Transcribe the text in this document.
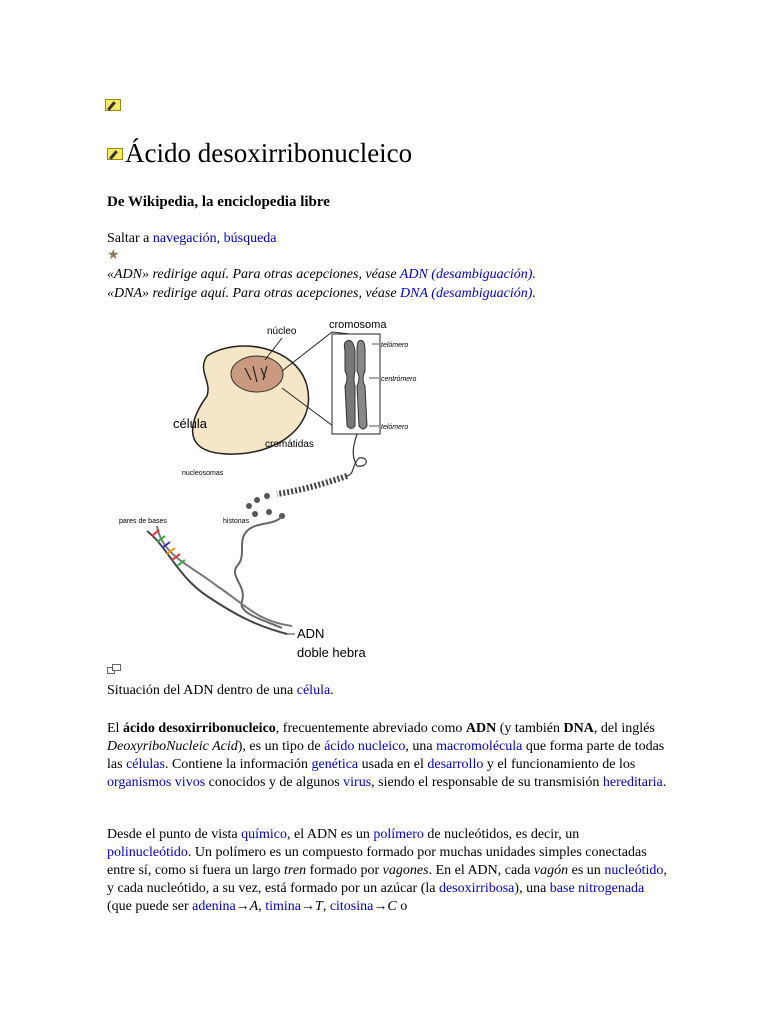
Ácido desoxirribonucleico
De Wikipedia, la enciclopedia libre
Saltar a navegación, búsqueda
★
«ADN» redirige aquí. Para otras acepciones, véase ADN (desambiguación).
«DNA» redirige aquí. Para otras acepciones, véase DNA (desambiguación).
núcleo
cromosoma
telómero
centrómero
telómero
célula
cromátidas
nucleosomas
pares de bases	histonas
ADN
doble hebra
Situación del ADN dentro de una célula.
El ácido desoxirribonucleico, frecuentemente abreviado como ADN (y también DNA, del inglés DeoxyriboNucleic Acid), es un tipo de ácido nucleico, una macromolécula que forma parte de todas las células. Contiene la información genética usada en el desarrollo y el funcionamiento de los organismos vivos conocidos y de algunos virus, siendo el responsable de su transmisión hereditaria.
Desde el punto de vista químico, el ADN es un polímero de nucleótidos, es decir, un polinucleótido. Un polímero es un compuesto formado por muchas unidades simples conectadas entre sí, como si fuera un largo tren formado por vagones. En el ADN, cada vagón es un nucleótido, y cada nucleótido, a su vez, está formado por un azúcar (la desoxirribosa), una base nitrogenada (que puede ser adenina→A, timina→T, citosina→C o
